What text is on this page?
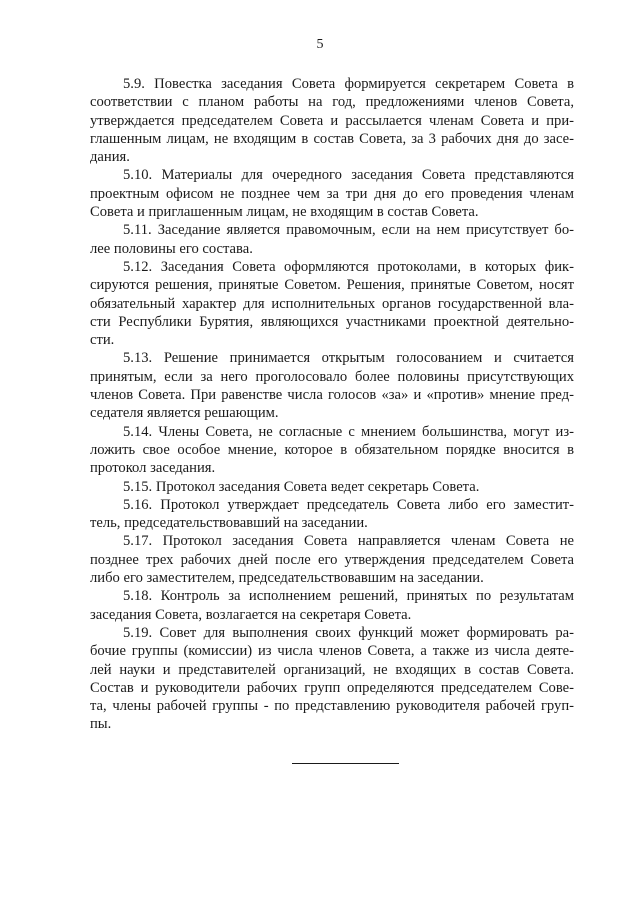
5
5.9. Повестка заседания Совета формируется секретарем Совета в
соответствии с планом работы на год, предложениями членов Совета,
утверждается председателем Совета и рассылается членам Совета и при-
глашенным лицам, не входящим в состав Совета, за 3 рабочих дня до засе-
дания.
5.10. Материалы для очередного заседания Совета представляются
проектным офисом не позднее чем за три дня до его проведения членам
Совета и приглашенным лицам, не входящим в состав Совета.
5.11. Заседание является правомочным, если на нем присутствует бо-
лее половины его состава.
5.12. Заседания Совета оформляются протоколами, в которых фик-
сируются решения, принятые Советом. Решения, принятые Советом, носят
обязательный характер для исполнительных органов государственной вла-
сти Республики Бурятия, являющихся участниками проектной деятельно-
сти.
5.13. Решение принимается открытым голосованием и считается
принятым, если за него проголосовало более половины присутствующих
членов Совета. При равенстве числа голосов «за» и «против» мнение пред-
седателя является решающим.
5.14. Члены Совета, не согласные с мнением большинства, могут из-
ложить свое особое мнение, которое в обязательном порядке вносится в
протокол заседания.
5.15. Протокол заседания Совета ведет секретарь Совета.
5.16. Протокол утверждает председатель Совета либо его заместит-
тель, председательствовавший на заседании.
5.17. Протокол заседания Совета направляется членам Совета не
позднее трех рабочих дней после его утверждения председателем Совета
либо его заместителем, председательствовавшим на заседании.
5.18. Контроль за исполнением решений, принятых по результатам
заседания Совета, возлагается на секретаря Совета.
5.19. Совет для выполнения своих функций может формировать ра-
бочие группы (комиссии) из числа членов Совета, а также из числа деяте-
лей науки и представителей организаций, не входящих в состав Совета.
Состав и руководители рабочих групп определяются председателем Сове-
та, члены рабочей группы - по представлению руководителя рабочей груп-
пы.
